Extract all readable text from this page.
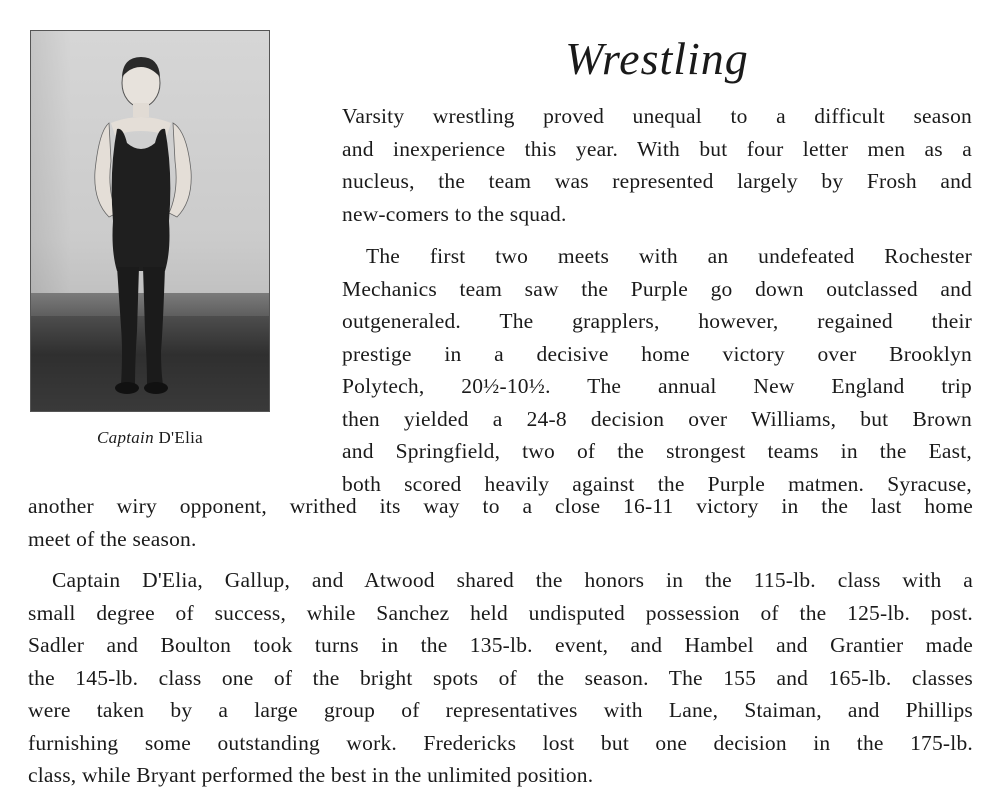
Captain D'Elia
Wrestling
Varsity wrestling proved unequal to a difficult season
and inexperience this year. With but four letter men as a
nucleus, the team was represented largely by Frosh and
new-comers to the squad.
The first two meets with an undefeated Rochester
Mechanics team saw the Purple go down outclassed and
outgeneraled. The grapplers, however, regained their
prestige in a decisive home victory over Brooklyn
Polytech, 20½-10½. The annual New England trip
then yielded a 24-8 decision over Williams, but Brown
and Springfield, two of the strongest teams in the East,
both scored heavily against the Purple matmen. Syracuse,
another wiry opponent, writhed its way to a close 16-11 victory in the last home
meet of the season.
Captain D'Elia, Gallup, and Atwood shared the honors in the 115-lb. class with a
small degree of success, while Sanchez held undisputed possession of the 125-lb. post.
Sadler and Boulton took turns in the 135-lb. event, and Hambel and Grantier made
the 145-lb. class one of the bright spots of the season. The 155 and 165-lb. classes
were taken by a large group of representatives with Lane, Staiman, and Phillips
furnishing some outstanding work. Fredericks lost but one decision in the 175-lb.
class, while Bryant performed the best in the unlimited position.
